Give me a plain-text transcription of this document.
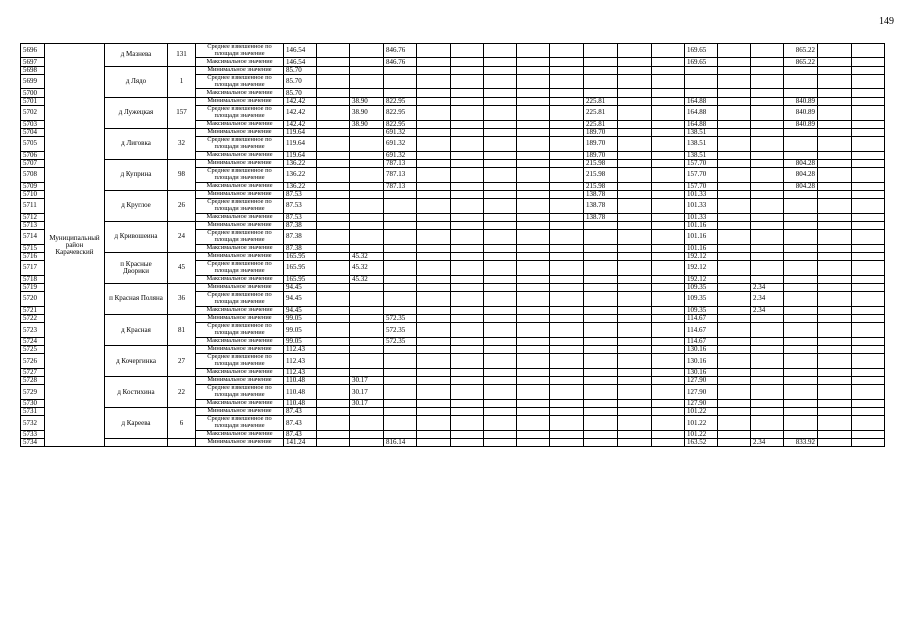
149
5696	Муниципальный район Карачевский	д Мазнева	131	Среднее взвешенное по площади значение	146.54			846.76									169.65			865.22		
5697				Максимальное значение	146.54			846.76									169.65			865.22		
5698		д Лядо	1	Минимальное значение	85.70																	
5699				Среднее взвешенное по площади значение	85.70																	
5700				Максимальное значение	85.70																	
5701		д Лужецкая	157	Минимальное значение	142.42		38.90	822.95						225.81			164.88			840.89		
5702				Среднее взвешенное по площади значение	142.42		38.90	822.95						225.81			164.88			840.89		
5703				Максимальное значение	142.42		38.90	822.95						225.81			164.88			840.89		
5704		д Лиговка	32	Минимальное значение	119.64			691.32						189.70			138.51					
5705				Среднее взвешенное по площади значение	119.64			691.32						189.70			138.51					
5706				Максимальное значение	119.64			691.32						189.70			138.51					
5707		д Куприна	98	Минимальное значение	136.22			787.13						215.98			157.70			804.28		
5708				Среднее взвешенное по площади значение	136.22			787.13						215.98			157.70			804.28		
5709				Максимальное значение	136.22			787.13						215.98			157.70			804.28		
5710		д Круглое	26	Минимальное значение	87.53									138.78			101.33					
5711				Среднее взвешенное по площади значение	87.53									138.78			101.33					
5712				Максимальное значение	87.53									138.78			101.33					
5713		д Кривошеина	24	Минимальное значение	87.38												101.16					
5714				Среднее взвешенное по площади значение	87.38												101.16					
5715				Максимальное значение	87.38												101.16					
5716		п Красные Дворики	45	Минимальное значение	165.95		45.32										192.12					
5717				Среднее взвешенное по площади значение	165.95		45.32										192.12					
5718				Максимальное значение	165.95		45.32										192.12					
5719		п Красная Поляна	36	Минимальное значение	94.45												109.35		2.34			
5720				Среднее взвешенное по площади значение	94.45												109.35		2.34			
5721				Максимальное значение	94.45												109.35		2.34			
5722		д Красная	81	Минимальное значение	99.05			572.35									114.67					
5723				Среднее взвешенное по площади значение	99.05			572.35									114.67					
5724				Максимальное значение	99.05			572.35									114.67					
5725		д Кочергинка	27	Минимальное значение	112.43												130.16					
5726				Среднее взвешенное по площади значение	112.43												130.16					
5727				Максимальное значение	112.43												130.16					
5728		д Костихина	22	Минимальное значение	110.48		30.17										127.90					
5729				Среднее взвешенное по площади значение	110.48		30.17										127.90					
5730				Максимальное значение	110.48		30.17										127.90					
5731		д Кареева	6	Минимальное значение	87.43												101.22					
5732				Среднее взвешенное по площади значение	87.43												101.22					
5733				Максимальное значение	87.43												101.22					
5734				Минимальное значение	141.24			816.14									163.52		2.34	833.92		
